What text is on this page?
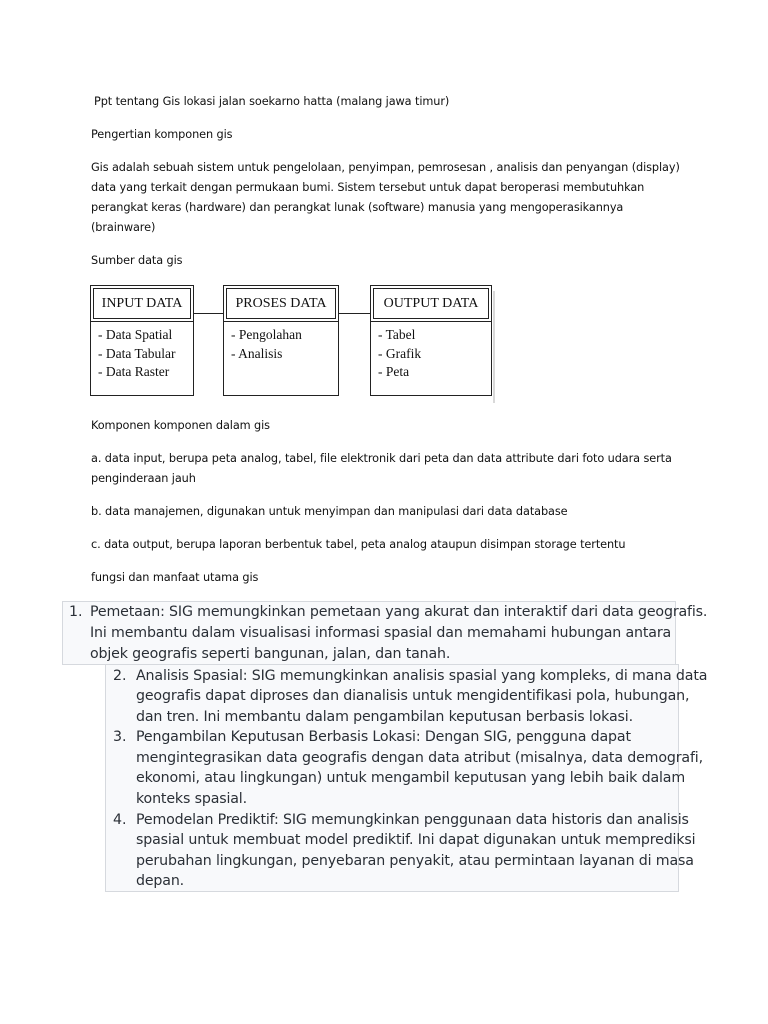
Ppt tentang Gis lokasi jalan soekarno hatta (malang jawa timur)
Pengertian komponen gis
Gis adalah sebuah sistem untuk pengelolaan, penyimpan, pemrosesan , analisis dan penyangan (display)
data yang terkait dengan permukaan bumi. Sistem tersebut untuk dapat beroperasi membutuhkan
perangkat keras (hardware) dan perangkat lunak (software) manusia yang mengoperasikannya
(brainware)
Sumber data gis
INPUT DATA
- Data Spatial
- Data Tabular
- Data Raster
PROSES DATA
- Pengolahan
- Analisis
OUTPUT DATA
- Tabel
- Grafik
- Peta
Komponen komponen dalam gis
a. data input, berupa peta analog, tabel, file elektronik dari peta dan data attribute dari foto udara serta
penginderaan jauh
b. data manajemen, digunakan untuk menyimpan dan manipulasi dari data database
c. data output, berupa laporan berbentuk tabel, peta analog ataupun disimpan storage tertentu
fungsi dan manfaat utama gis
1. Pemetaan: SIG memungkinkan pemetaan yang akurat dan interaktif dari data geografis.
Ini membantu dalam visualisasi informasi spasial dan memahami hubungan antara
objek geografis seperti bangunan, jalan, dan tanah.
2. Analisis Spasial: SIG memungkinkan analisis spasial yang kompleks, di mana data
geografis dapat diproses dan dianalisis untuk mengidentifikasi pola, hubungan,
dan tren. Ini membantu dalam pengambilan keputusan berbasis lokasi.
3. Pengambilan Keputusan Berbasis Lokasi: Dengan SIG, pengguna dapat
mengintegrasikan data geografis dengan data atribut (misalnya, data demografi,
ekonomi, atau lingkungan) untuk mengambil keputusan yang lebih baik dalam
konteks spasial.
4. Pemodelan Prediktif: SIG memungkinkan penggunaan data historis dan analisis
spasial untuk membuat model prediktif. Ini dapat digunakan untuk memprediksi
perubahan lingkungan, penyebaran penyakit, atau permintaan layanan di masa
depan.
